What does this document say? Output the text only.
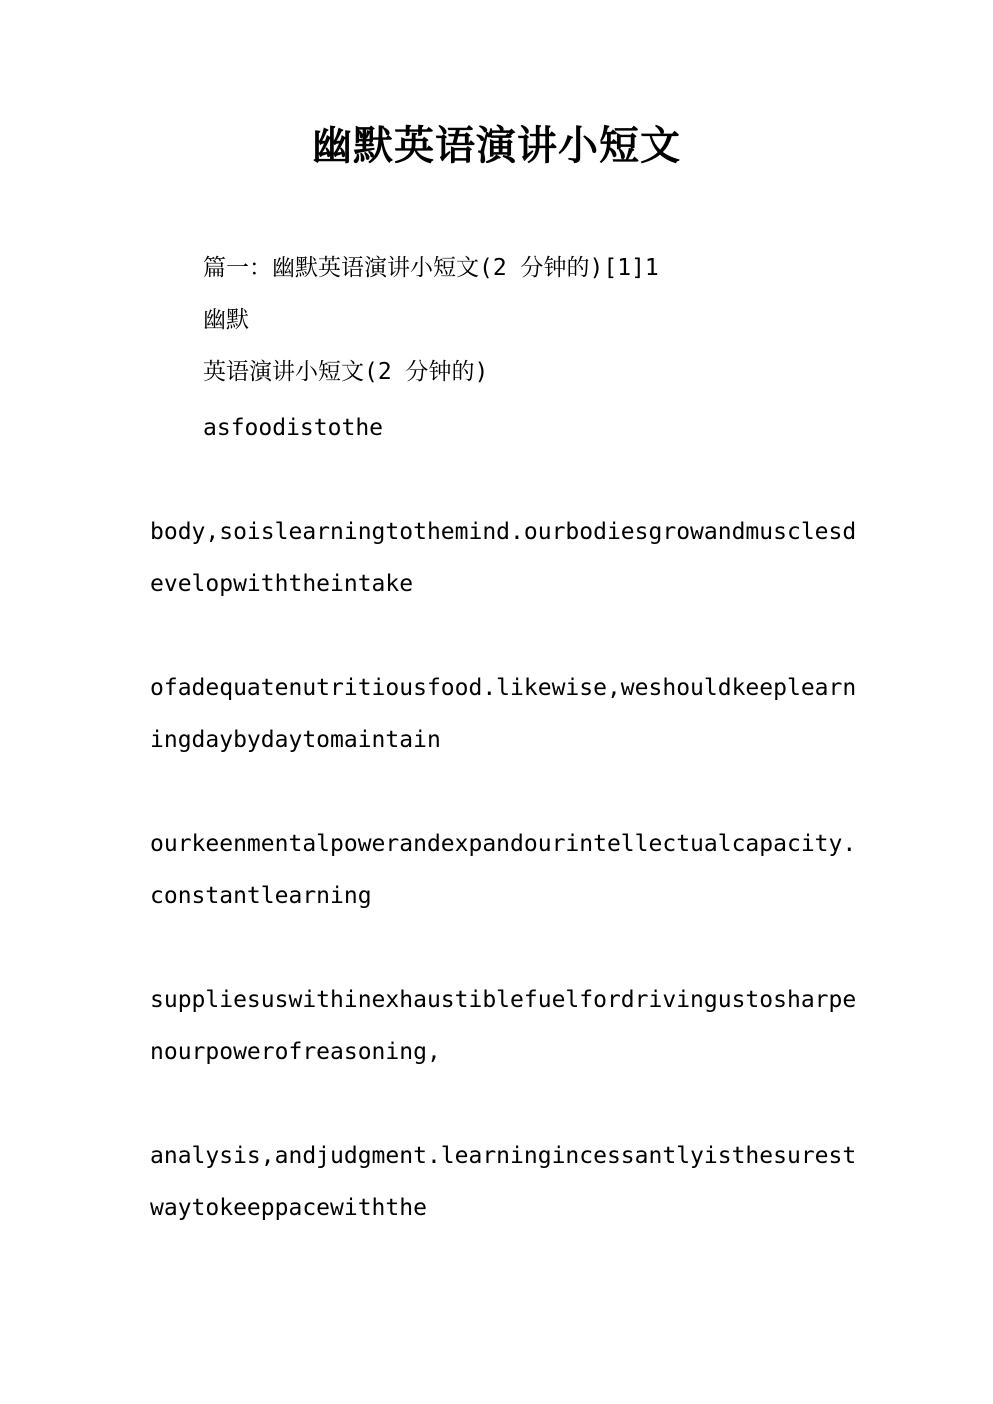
幽默英语演讲小短文

篇一：幽默英语演讲小短文(2 分钟的)[1]1

幽默

英语演讲小短文(2 分钟的)

asfoodistothe

body,soislearningtothemind.ourbodiesgrowandmusclesd

evelopwiththeintake

ofadequatenutritiousfood.likewise,weshouldkeeplearn

ingdaybydaytomaintain

ourkeenmentalpowerandexpandourintellectualcapacity.

constantlearning

suppliesuswithinexhaustiblefuelfordrivingustosharpe

nourpowerofreasoning,

analysis,andjudgment.learningincessantlyisthesurest

waytokeeppacewiththe
